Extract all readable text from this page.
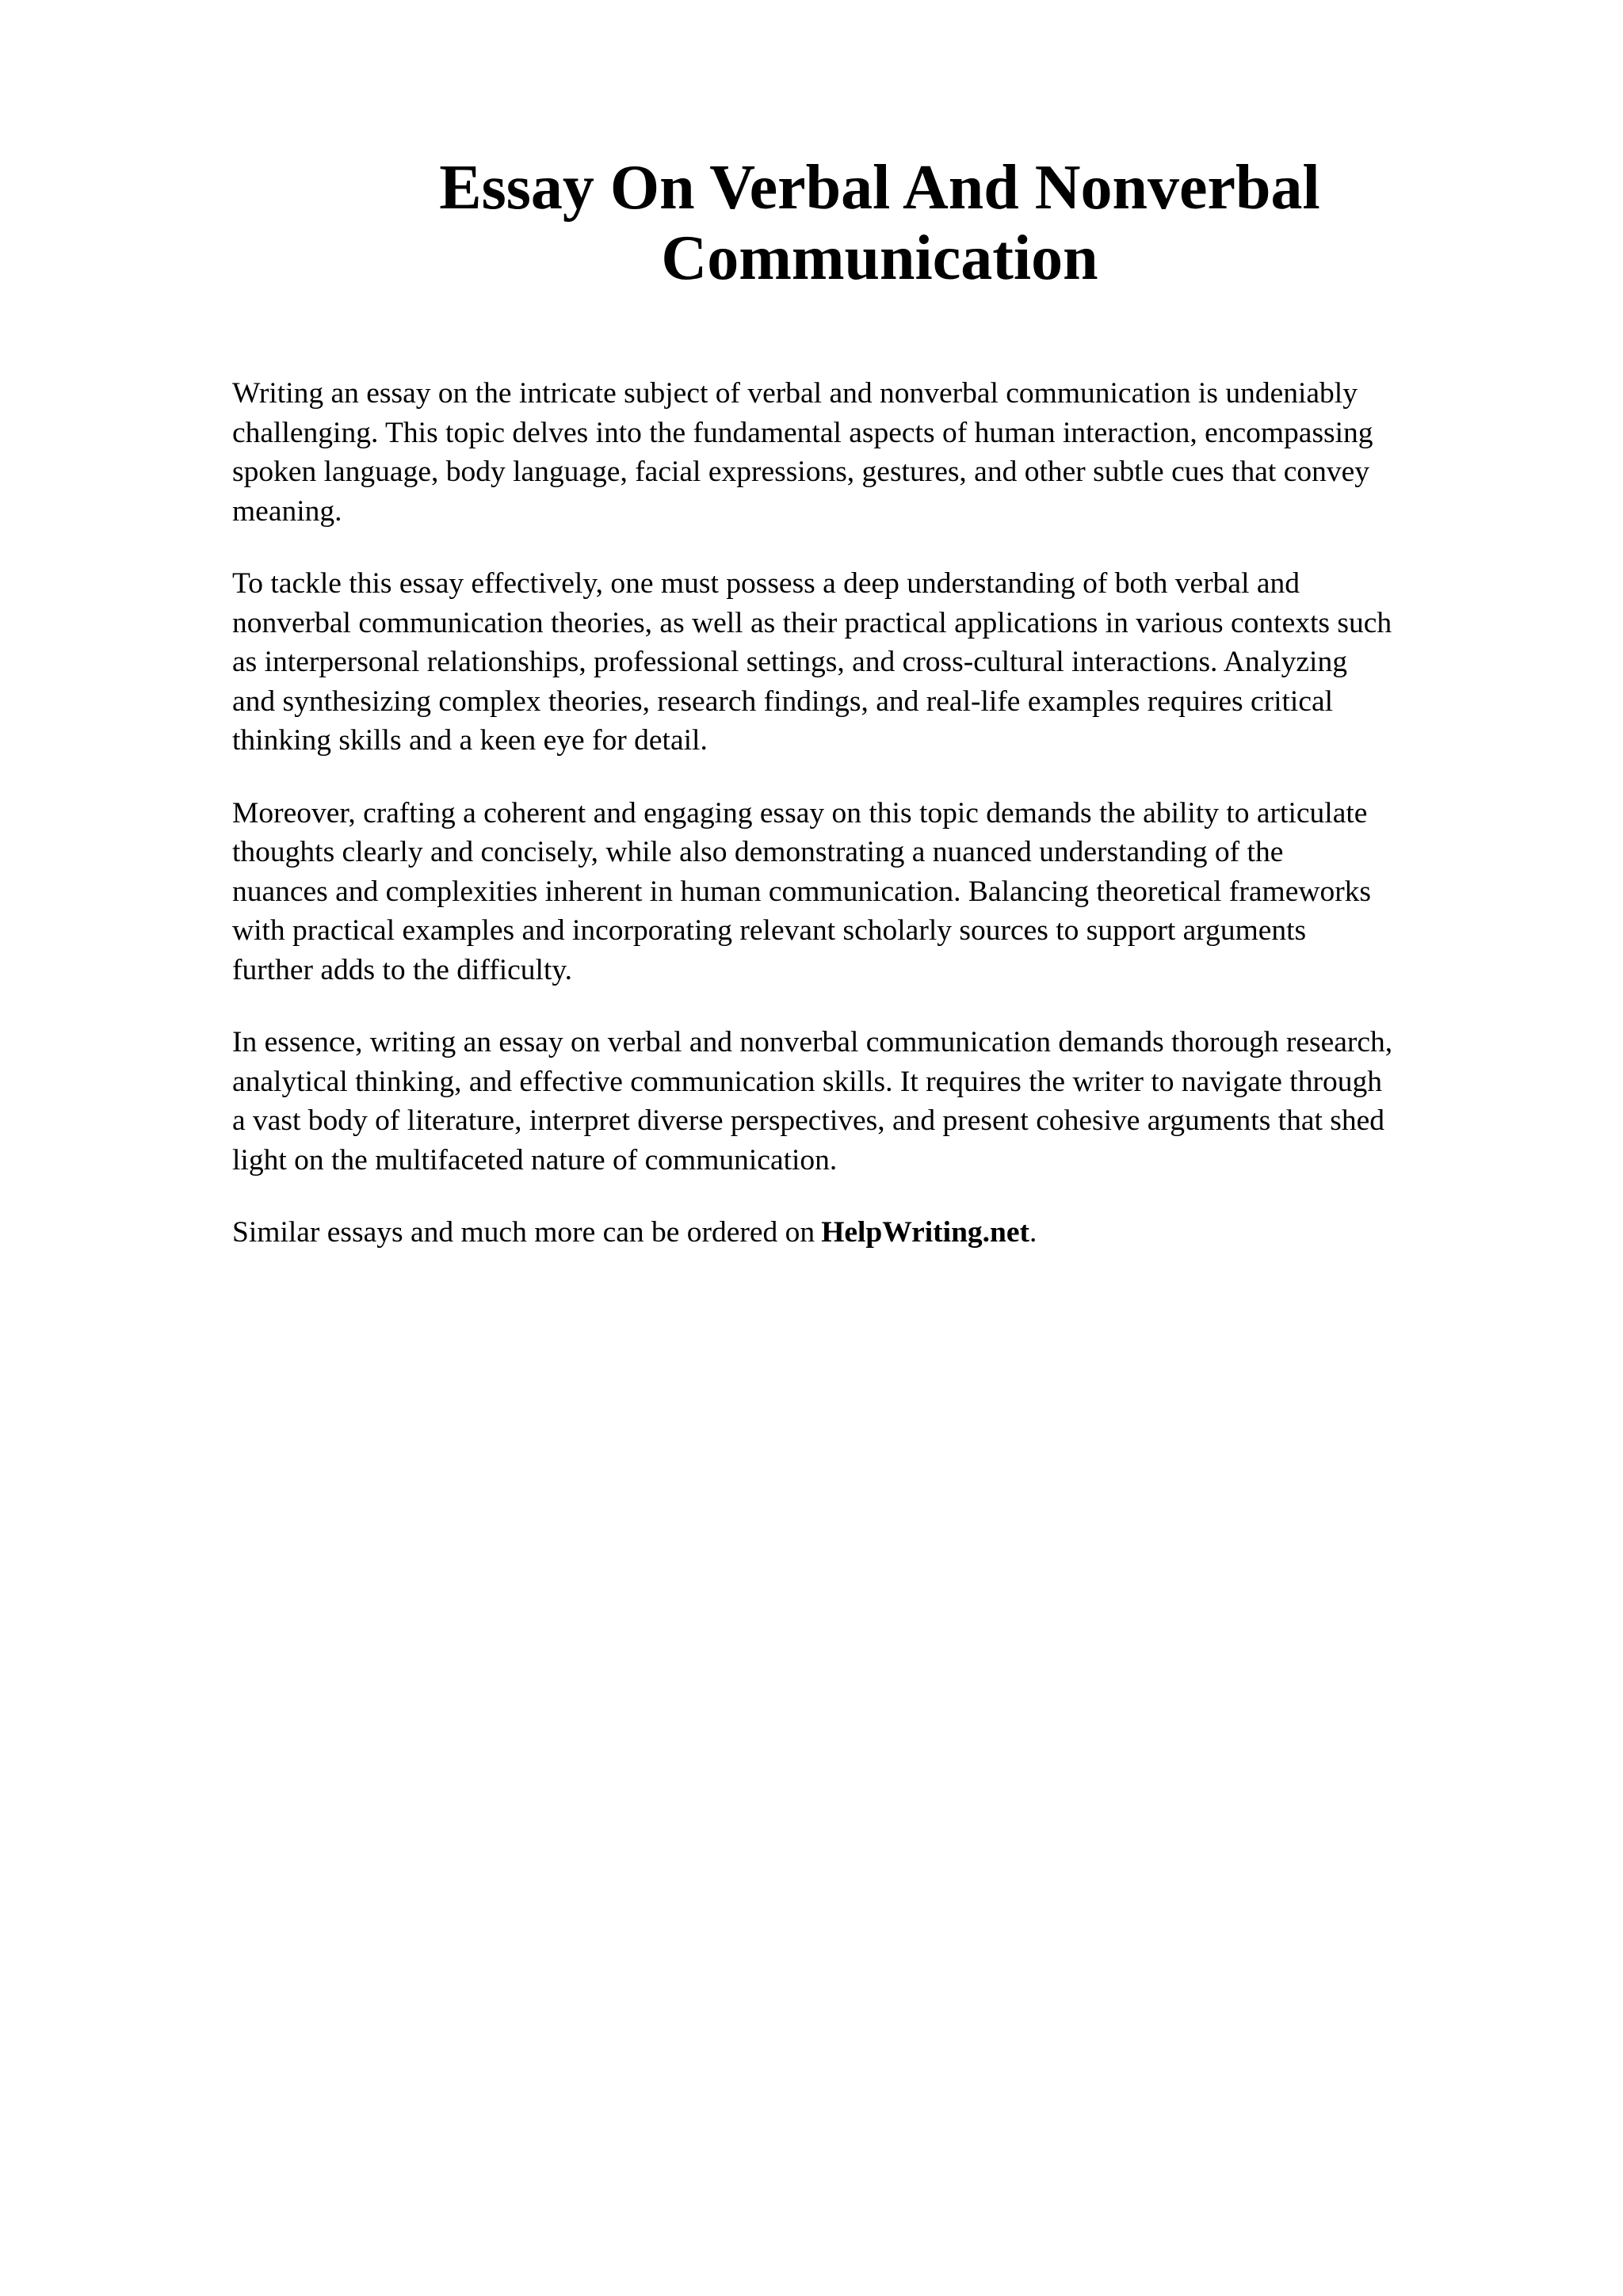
Essay On Verbal And Nonverbal
Communication

Writing an essay on the intricate subject of verbal and nonverbal communication is undeniably
challenging. This topic delves into the fundamental aspects of human interaction, encompassing
spoken language, body language, facial expressions, gestures, and other subtle cues that convey
meaning.

To tackle this essay effectively, one must possess a deep understanding of both verbal and
nonverbal communication theories, as well as their practical applications in various contexts such
as interpersonal relationships, professional settings, and cross-cultural interactions. Analyzing
and synthesizing complex theories, research findings, and real-life examples requires critical
thinking skills and a keen eye for detail.

Moreover, crafting a coherent and engaging essay on this topic demands the ability to articulate
thoughts clearly and concisely, while also demonstrating a nuanced understanding of the
nuances and complexities inherent in human communication. Balancing theoretical frameworks
with practical examples and incorporating relevant scholarly sources to support arguments
further adds to the difficulty.

In essence, writing an essay on verbal and nonverbal communication demands thorough research,
analytical thinking, and effective communication skills. It requires the writer to navigate through
a vast body of literature, interpret diverse perspectives, and present cohesive arguments that shed
light on the multifaceted nature of communication.

Similar essays and much more can be ordered on HelpWriting.net.
